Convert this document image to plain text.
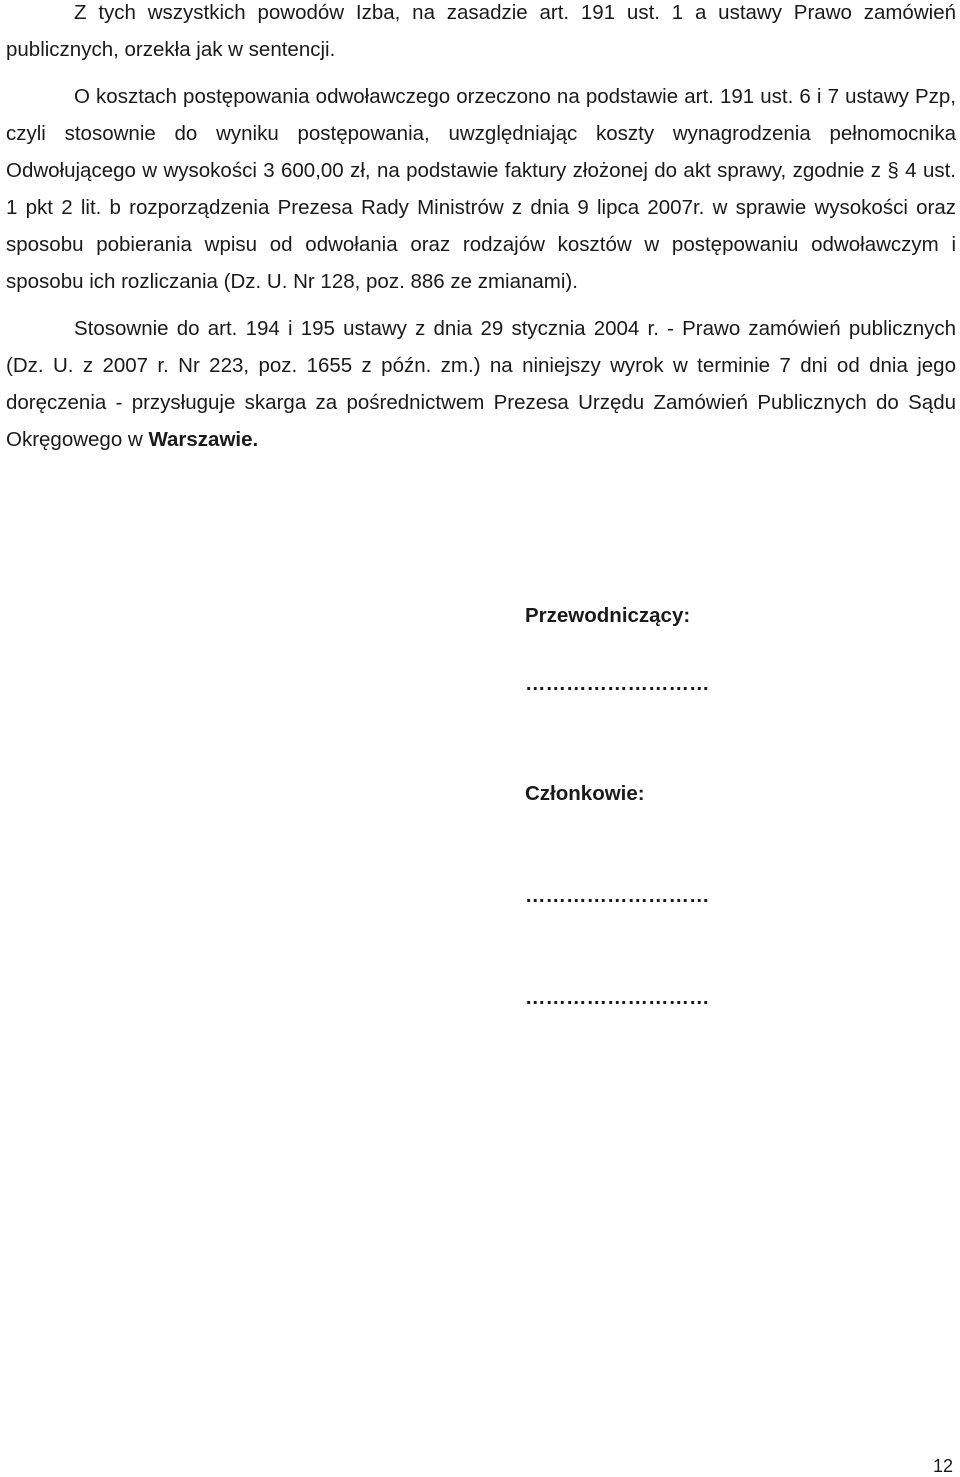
Z tych wszystkich powodów Izba, na zasadzie art. 191 ust. 1 a ustawy Prawo zamówień publicznych, orzekła jak w sentencji.

O kosztach postępowania odwoławczego orzeczono na podstawie art. 191 ust. 6 i 7 ustawy Pzp, czyli stosownie do wyniku postępowania, uwzględniając koszty wynagrodzenia pełnomocnika Odwołującego w wysokości 3 600,00 zł, na podstawie faktury złożonej do akt sprawy, zgodnie z § 4 ust. 1 pkt 2 lit. b rozporządzenia Prezesa Rady Ministrów z dnia 9 lipca 2007r. w sprawie wysokości oraz sposobu pobierania wpisu od odwołania oraz rodzajów kosztów w postępowaniu odwoławczym i sposobu ich rozliczania (Dz. U. Nr 128, poz. 886 ze zmianami).

Stosownie do art. 194 i 195 ustawy z dnia 29 stycznia 2004 r. - Prawo zamówień publicznych (Dz. U. z 2007 r. Nr 223, poz. 1655 z późn. zm.) na niniejszy wyrok w terminie 7 dni od dnia jego doręczenia - przysługuje skarga za pośrednictwem Prezesa Urzędu Zamówień Publicznych do Sądu Okręgowego w Warszawie.

Przewodniczący:

………………………

Członkowie:

………………………

………………………

12
